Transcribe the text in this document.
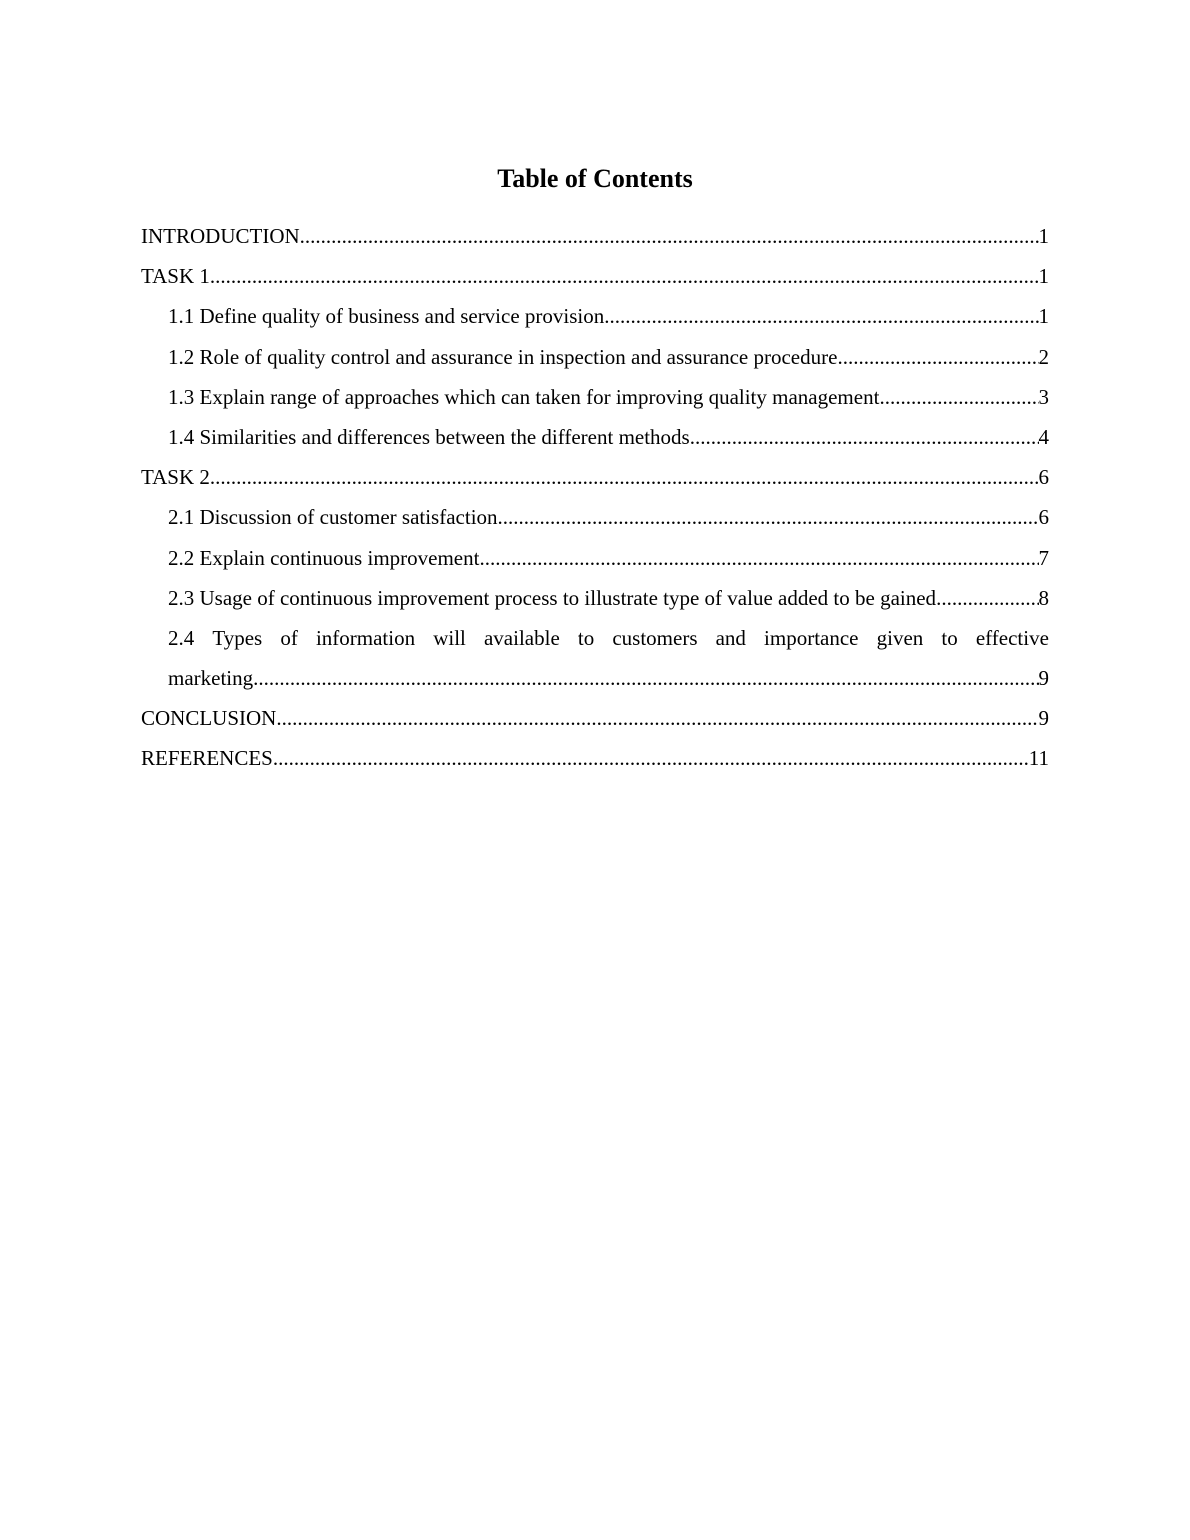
Table of Contents
INTRODUCTION .....	1
TASK 1 .....	1
1.1 Define quality of business and service provision .....	1
1.2 Role of quality control and assurance in inspection and assurance procedure .....	2
1.3 Explain range of approaches which can taken for improving quality management .....	3
1.4 Similarities and differences between the different methods .....	4
TASK 2 .....	6
2.1 Discussion of customer satisfaction .....	6
2.2 Explain continuous improvement .....	7
2.3 Usage of continuous improvement process to illustrate type of value added to be gained .....	8
2.4 Types of information will available to customers and importance given to effective
marketing .....	9
CONCLUSION .....	9
REFERENCES .....	11
